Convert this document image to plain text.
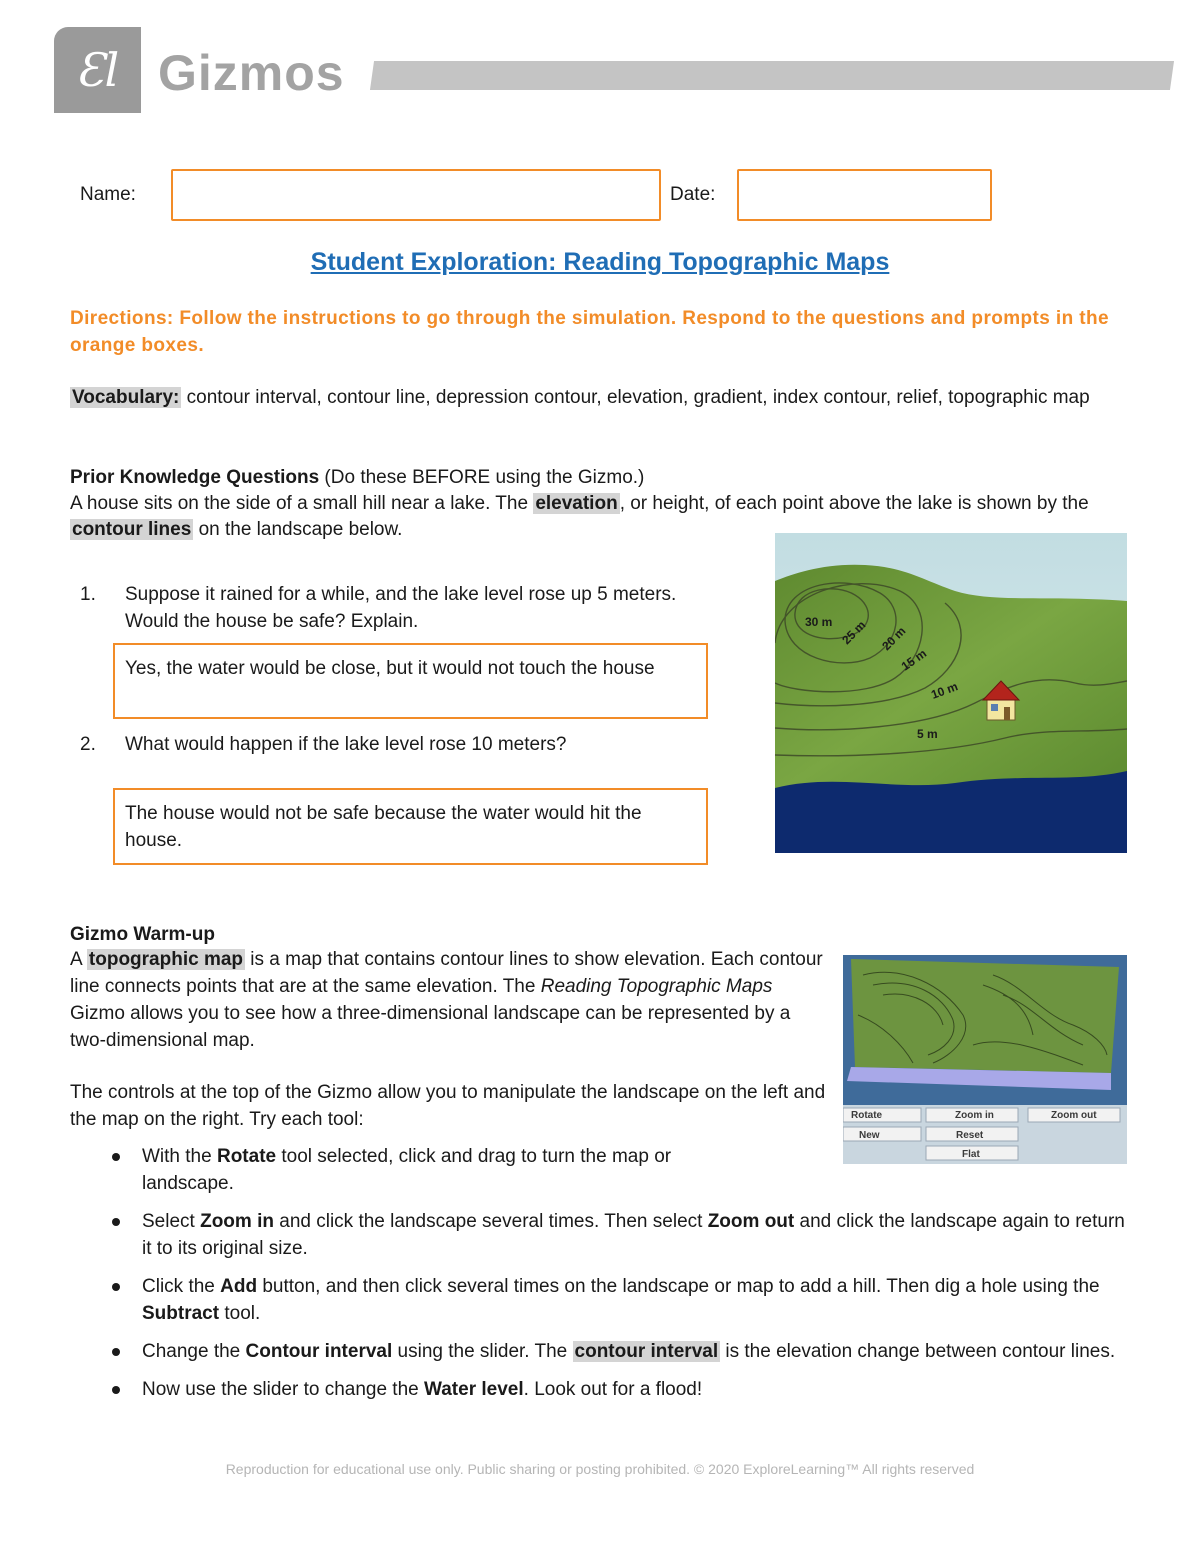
Ɛl Gizmos
Name:	Date:
Student Exploration: Reading Topographic Maps
Directions: Follow the instructions to go through the simulation. Respond to the questions and prompts in the orange boxes.
Vocabulary: contour interval, contour line, depression contour, elevation, gradient, index contour, relief, topographic map
Prior Knowledge Questions (Do these BEFORE using the Gizmo.)
A house sits on the side of a small hill near a lake. The elevation , or height, of each point above the lake is shown by the contour lines on the landscape below.
1. Suppose it rained for a while, and the lake level rose up 5 meters. Would the house be safe? Explain.
Yes, the water would be close, but it would not touch the house
2. What would happen if the lake level rose 10 meters?
The house would not be safe because the water would hit the house.
30 m 25 m 20 m
15 m
10 m
5 m
Gizmo Warm-up
A topographic map is a map that contains contour lines to show elevation. Each contour line connects points that are at the same elevation. The Reading Topographic Maps Gizmo allows you to see how a three-dimensional landscape can be represented by a two-dimensional map.
The controls at the top of the Gizmo allow you to manipulate the landscape on the left and the map on the right. Try each tool:	Rotate	Zoom in	Zoom out
New	Reset
Flat
With the Rotate tool selected, click and drag to turn the map or landscape.
Select Zoom in and click the landscape several times. Then select Zoom out and click the landscape again to return it to its original size.
Click the Add button, and then click several times on the landscape or map to add a hill. Then dig a hole using the Subtract tool.
Change the Contour interval using the slider. The contour interval is the elevation change between contour lines.
Now use the slider to change the Water level. Look out for a flood!
Reproduction for educational use only. Public sharing or posting prohibited. © 2020 ExploreLearning™ All rights reserved
